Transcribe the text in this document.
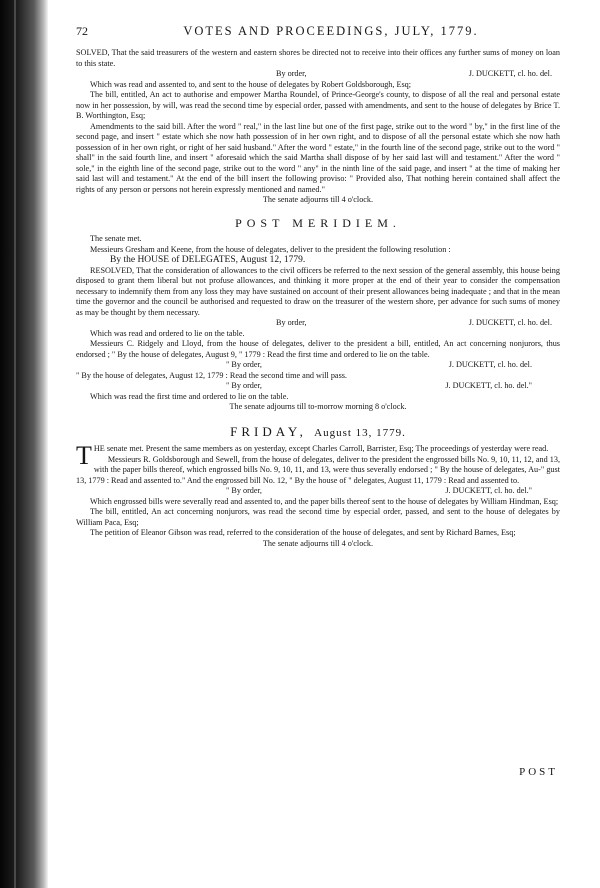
72	VOTES AND PROCEEDINGS, JULY, 1779.

SOLVED, That the said treasurers of the western and eastern shores be directed not to receive into their offices any further sums of money on loan to this state.

By order,	J. DUCKETT, cl. ho. del.

Which was read and assented to, and sent to the house of delegates by Robert Goldsborough, Esq;

The bill, entitled, An act to authorise and empower Martha Roundel, of Prince-George's county, to dispose of all the real and personal estate now in her possession, by will, was read the second time by especial order, passed with amendments, and sent to the house of delegates by Brice T. B. Worthington, Esq;

Amendments to the said bill. After the word " real," in the last line but one of the first page, strike out to the word " by," in the first line of the second page, and insert " estate which she now hath possession of in her own right, and to dispose of all the personal estate which she now hath possession of in her own right, or right of her said husband." After the word " estate," in the fourth line of the second page, strike out to the word " shall" in the said fourth line, and insert " aforesaid which the said Martha shall dispose of by her said last will and testament." After the word " sole," in the eighth line of the second page, strike out to the word " any" in the ninth line of the said page, and insert " at the time of making her said last will and testament." At the end of the bill insert the following proviso: " Provided also, That nothing herein contained shall affect the rights of any person or persons not herein expressly mentioned and named."

The senate adjourns till 4 o'clock.

POST MERIDIEM.

The senate met.

Messieurs Gresham and Keene, from the house of delegates, deliver to the president the following resolution :

By the HOUSE of DELEGATES, August 12, 1779.

RESOLVED, That the consideration of allowances to the civil officers be referred to the next session of the general assembly, this house being disposed to grant them liberal but not profuse allowances, and thinking it more proper at the end of their year to consider the compensation necessary to indemnify them from any loss they may have sustained on account of their present allowances being inadequate ; and that in the mean time the governor and the council be authorised and requested to draw on the treasurer of the western shore, per advance for such sums of money as may be thought by them necessary.

By order,	J. DUCKETT, cl. ho. del.

Which was read and ordered to lie on the table.

Messieurs C. Ridgely and Lloyd, from the house of delegates, deliver to the president a bill, entitled, An act concerning nonjurors, thus endorsed ; " By the house of delegates, August 9, " 1779 : Read the first time and ordered to lie on the table.

" By order,	J. DUCKETT, cl. ho. del.

" By the house of delegates, August 12, 1779 : Read the second time and will pass.

" By order,	J. DUCKETT, cl. ho. del."

Which was read the first time and ordered to lie on the table.

The senate adjourns till to-morrow morning 8 o'clock.

FRIDAY, August 13, 1779.

THE senate met. Present the same members as on yesterday, except Charles Carroll, Barrister, Esq; The proceedings of yesterday were read.

Messieurs R. Goldsborough and Sewell, from the house of delegates, deliver to the president the engrossed bills No. 9, 10, 11, 12, and 13, with the paper bills thereof, which engrossed bills No. 9, 10, 11, and 13, were thus severally endorsed ; " By the house of delegates, Au-" gust 13, 1779 : Read and assented to." And the engrossed bill No. 12, " By the house of " delegates, August 11, 1779 : Read and assented to.

" By order,	J. DUCKETT, cl. ho. del."

Which engrossed bills were severally read and assented to, and the paper bills thereof sent to the house of delegates by William Hindman, Esq;

The bill, entitled, An act concerning nonjurors, was read the second time by especial order, passed, and sent to the house of delegates by William Paca, Esq;

The petition of Eleanor Gibson was read, referred to the consideration of the house of delegates, and sent by Richard Barnes, Esq;

The senate adjourns till 4 o'clock.

POST
